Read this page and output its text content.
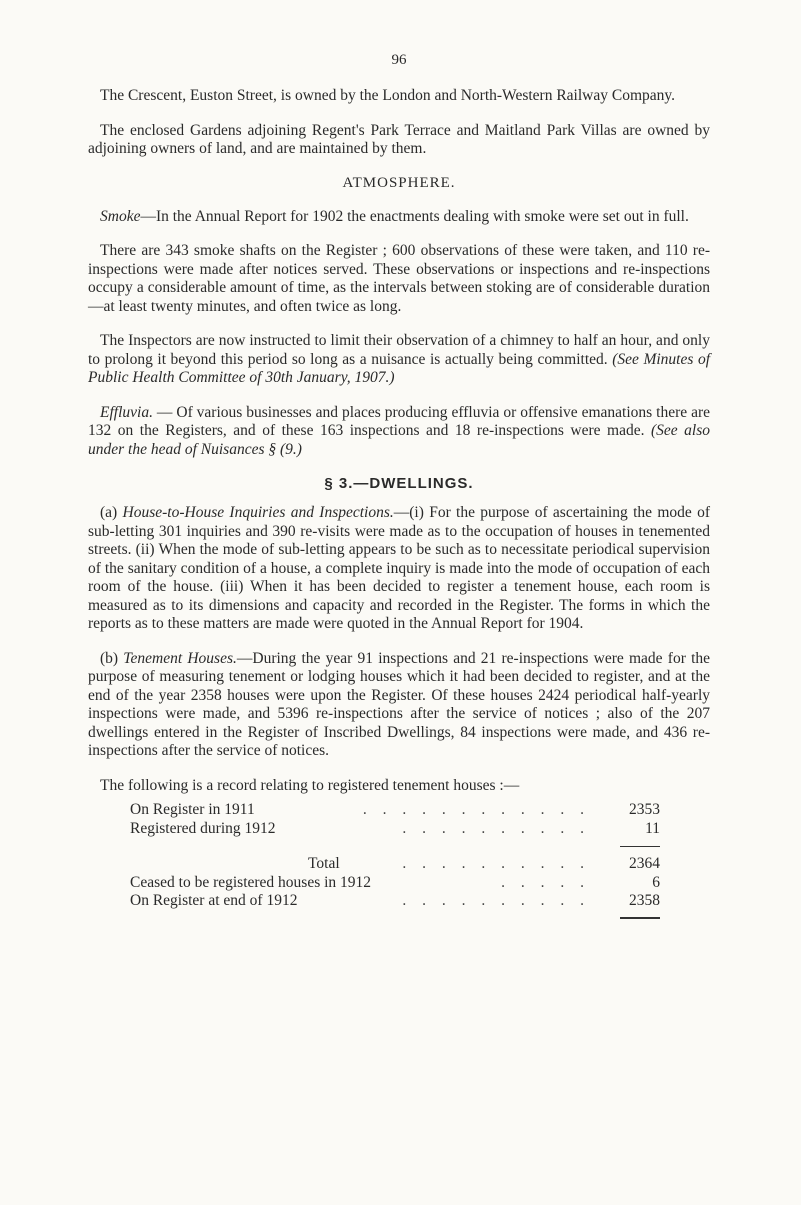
96

The Crescent, Euston Street, is owned by the London and North-Western Railway Company.

The enclosed Gardens adjoining Regent's Park Terrace and Maitland Park Villas are owned by adjoining owners of land, and are maintained by them.

ATMOSPHERE.

Smoke—In the Annual Report for 1902 the enactments dealing with smoke were set out in full.

There are 343 smoke shafts on the Register ; 600 observations of these were taken, and 110 re-inspections were made after notices served. These observations or inspections and re-inspections occupy a considerable amount of time, as the intervals between stoking are of considerable duration—at least twenty minutes, and often twice as long.

The Inspectors are now instructed to limit their observation of a chimney to half an hour, and only to prolong it beyond this period so long as a nuisance is actually being committed. (See Minutes of Public Health Committee of 30th January, 1907.)

Effluvia. — Of various businesses and places producing effluvia or offensive emanations there are 132 on the Registers, and of these 163 inspections and 18 re-inspections were made. (See also under the head of Nuisances § (9.)

§ 3.—DWELLINGS.

(a) House-to-House Inquiries and Inspections.—(i) For the purpose of ascertaining the mode of sub-letting 301 inquiries and 390 re-visits were made as to the occupation of houses in tenemented streets. (ii) When the mode of sub-letting appears to be such as to necessitate periodical supervision of the sanitary condition of a house, a complete inquiry is made into the mode of occupation of each room of the house. (iii) When it has been decided to register a tenement house, each room is measured as to its dimensions and capacity and recorded in the Register. The forms in which the reports as to these matters are made were quoted in the Annual Report for 1904.

(b) Tenement Houses.—During the year 91 inspections and 21 re-inspections were made for the purpose of measuring tenement or lodging houses which it had been decided to register, and at the end of the year 2358 houses were upon the Register. Of these houses 2424 periodical half-yearly inspections were made, and 5396 re-inspections after the service of notices ; also of the 207 dwellings entered in the Register of Inscribed Dwellings, 84 inspections were made, and 436 re-inspections after the service of notices.

The following is a record relating to registered tenement houses :—

On Register in 1911	. . . . . . . . . . . .	2353
Registered during 1912	. . . . . . . . . .	11
Total	. . . . . . . . . .	2364
Ceased to be registered houses in 1912	. . . . .	6
On Register at end of 1912	. . . . . . . . . .	2358
